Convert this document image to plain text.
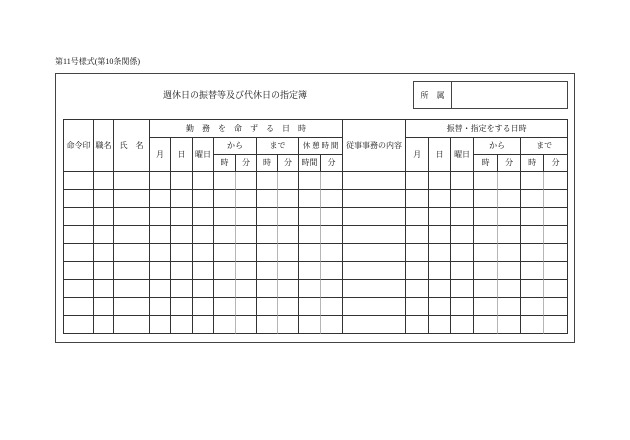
第11号様式(第10条関係)
週休日の振替等及び代休日の指定簿	所　属
命令印	職名	氏　名	勤　務　を　命　ず　る　日　時									従事事務の内容	振替・指定をする日時						
			月	日	曜日	から		まで		休 憩 時 間			月	日	曜日	から		まで	
						時	分	時	分	時間	分					時	分	時	分
